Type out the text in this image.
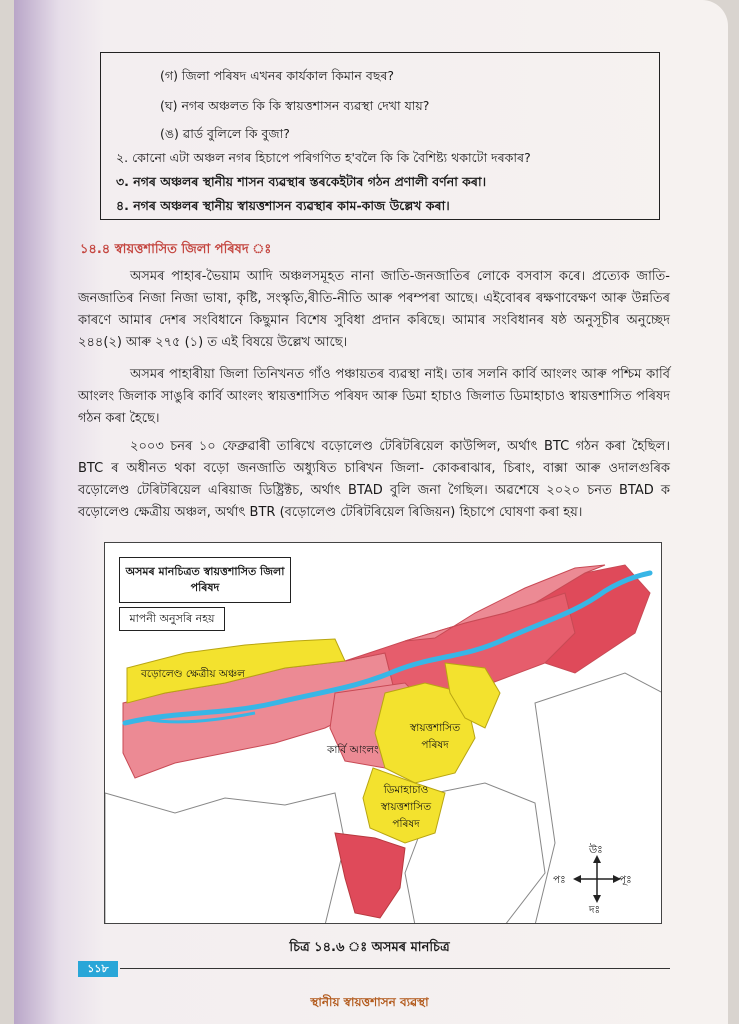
(গ) জিলা পৰিষদ এখনৰ কাৰ্যকাল কিমান বছৰ?
(ঘ) নগৰ অঞ্চলত কি কি স্বায়ত্তশাসন ব্যৱস্থা দেখা যায়?
(ঙ) ৱাৰ্ড বুলিলে কি বুজা?
২. কোনো এটা অঞ্চল নগৰ হিচাপে পৰিগণিত হ'বলৈ কি কি বৈশিষ্ট্য থকাটো দৰকাৰ?
৩. নগৰ অঞ্চলৰ স্থানীয় শাসন ব্যৱস্থাৰ স্তৰকেইটাৰ গঠন প্ৰণালী বৰ্ণনা কৰা।
৪. নগৰ অঞ্চলৰ স্থানীয় স্বায়ত্তশাসন ব্যৱস্থাৰ কাম-কাজ উল্লেখ কৰা।
১৪.৪ স্বায়ত্তশাসিত জিলা পৰিষদ ঃ
অসমৰ পাহাৰ-ভৈয়াম আদি অঞ্চলসমূহত নানা জাতি-জনজাতিৰ লোকে বসবাস কৰে। প্ৰত্যেক জাতি-জনজাতিৰ নিজা নিজা ভাষা, কৃষ্টি, সংস্কৃতি,ৰীতি-নীতি আৰু পৰম্পৰা আছে। এইবোৰৰ ৰক্ষণাবেক্ষণ আৰু উন্নতিৰ কাৰণে আমাৰ দেশৰ সংবিধানে কিছুমান বিশেষ সুবিধা প্ৰদান কৰিছে। আমাৰ সংবিধানৰ ষষ্ঠ অনুসূচীৰ অনুচ্ছেদ ২৪৪(২) আৰু ২৭৫ (১) ত এই বিষয়ে উল্লেখ আছে।
অসমৰ পাহাৰীয়া জিলা তিনিখনত গাঁও পঞ্চায়তৰ ব্যৱস্থা নাই। তাৰ সলনি কাৰ্বি আংলং আৰু পশ্চিম কাৰ্বি আংলং জিলাক সাঙুৰি কাৰ্বি আংলং স্বায়ত্তশাসিত পৰিষদ আৰু ডিমা হাচাও জিলাত ডিমাহাচাও স্বায়ত্তশাসিত পৰিষদ গঠন কৰা হৈছে।
২০০৩ চনৰ ১০ ফেব্ৰুৱাৰী তাৰিখে বড়োলেণ্ড টেৰিটৰিয়েল কাউন্সিল, অৰ্থাৎ BTC গঠন কৰা হৈছিল। BTC ৰ অধীনত থকা বড়ো জনজাতি অধ্যুষিত চাৰিখন জিলা- কোকৰাঝাৰ, চিৰাং, বাক্সা আৰু ওদালগুৰিক বড়োলেণ্ড টেৰিটৰিয়েল এৰিয়াজ ডিষ্ট্ৰিক্টচ, অৰ্থাৎ BTAD বুলি জনা গৈছিল। অৱশেষে ২০২০ চনত BTAD ক বড়োলেণ্ড ক্ষেত্ৰীয় অঞ্চল, অৰ্থাৎ BTR (বড়োলেণ্ড টেৰিটৰিয়েল ৰিজিয়ন) হিচাপে ঘোষণা কৰা হয়।
অসমৰ মানচিত্ৰত স্বায়ত্তশাসিত জিলা পৰিষদ
মাপনী অনুসৰি নহয়
বড়োলেণ্ড ক্ষেত্ৰীয় অঞ্চল
স্বায়ত্তশাসিত পৰিষদ
কাৰ্বি আংলং
ডিমাহাচাও স্বায়ত্তশাসিত পৰিষদ
উঃ
দঃ
পঃ	পূঃ
চিত্ৰ ১৪.৬ ঃ অসমৰ মানচিত্ৰ
১১৮
স্থানীয় স্বায়ত্তশাসন ব্যৱস্থা
